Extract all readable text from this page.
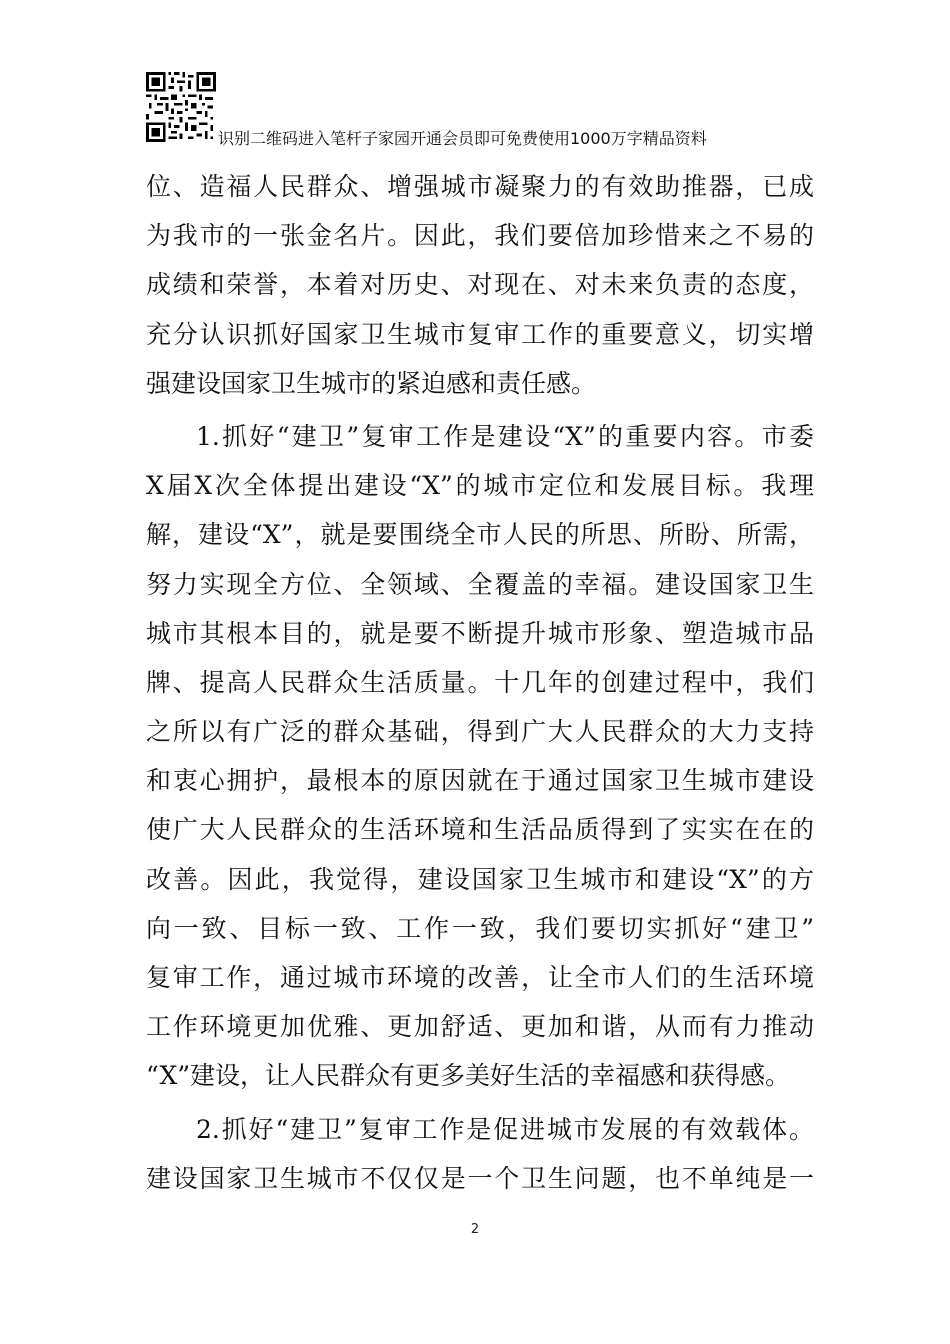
识别二维码进入笔杆子家园开通会员即可免费使用1000万字精品资料
位、造福人民群众、增强城市凝聚力的有效助推器，已成
为我市的一张金名片。因此，我们要倍加珍惜来之不易的
成绩和荣誉，本着对历史、对现在、对未来负责的态度，
充分认识抓好国家卫生城市复审工作的重要意义，切实增
强建设国家卫生城市的紧迫感和责任感。
1.抓好“建卫”复审工作是建设“X”的重要内容。市委
X届X次全体提出建设“X”的城市定位和发展目标。我理
解，建设“X”，就是要围绕全市人民的所思、所盼、所需，
努力实现全方位、全领域、全覆盖的幸福。建设国家卫生
城市其根本目的，就是要不断提升城市形象、塑造城市品
牌、提高人民群众生活质量。十几年的创建过程中，我们
之所以有广泛的群众基础，得到广大人民群众的大力支持
和衷心拥护，最根本的原因就在于通过国家卫生城市建设
使广大人民群众的生活环境和生活品质得到了实实在在的
改善。因此，我觉得，建设国家卫生城市和建设“X”的方
向一致、目标一致、工作一致，我们要切实抓好“建卫”
复审工作，通过城市环境的改善，让全市人们的生活环境
工作环境更加优雅、更加舒适、更加和谐，从而有力推动
“X”建设，让人民群众有更多美好生活的幸福感和获得感。
2.抓好“建卫”复审工作是促进城市发展的有效载体。
建设国家卫生城市不仅仅是一个卫生问题，也不单纯是一
2
